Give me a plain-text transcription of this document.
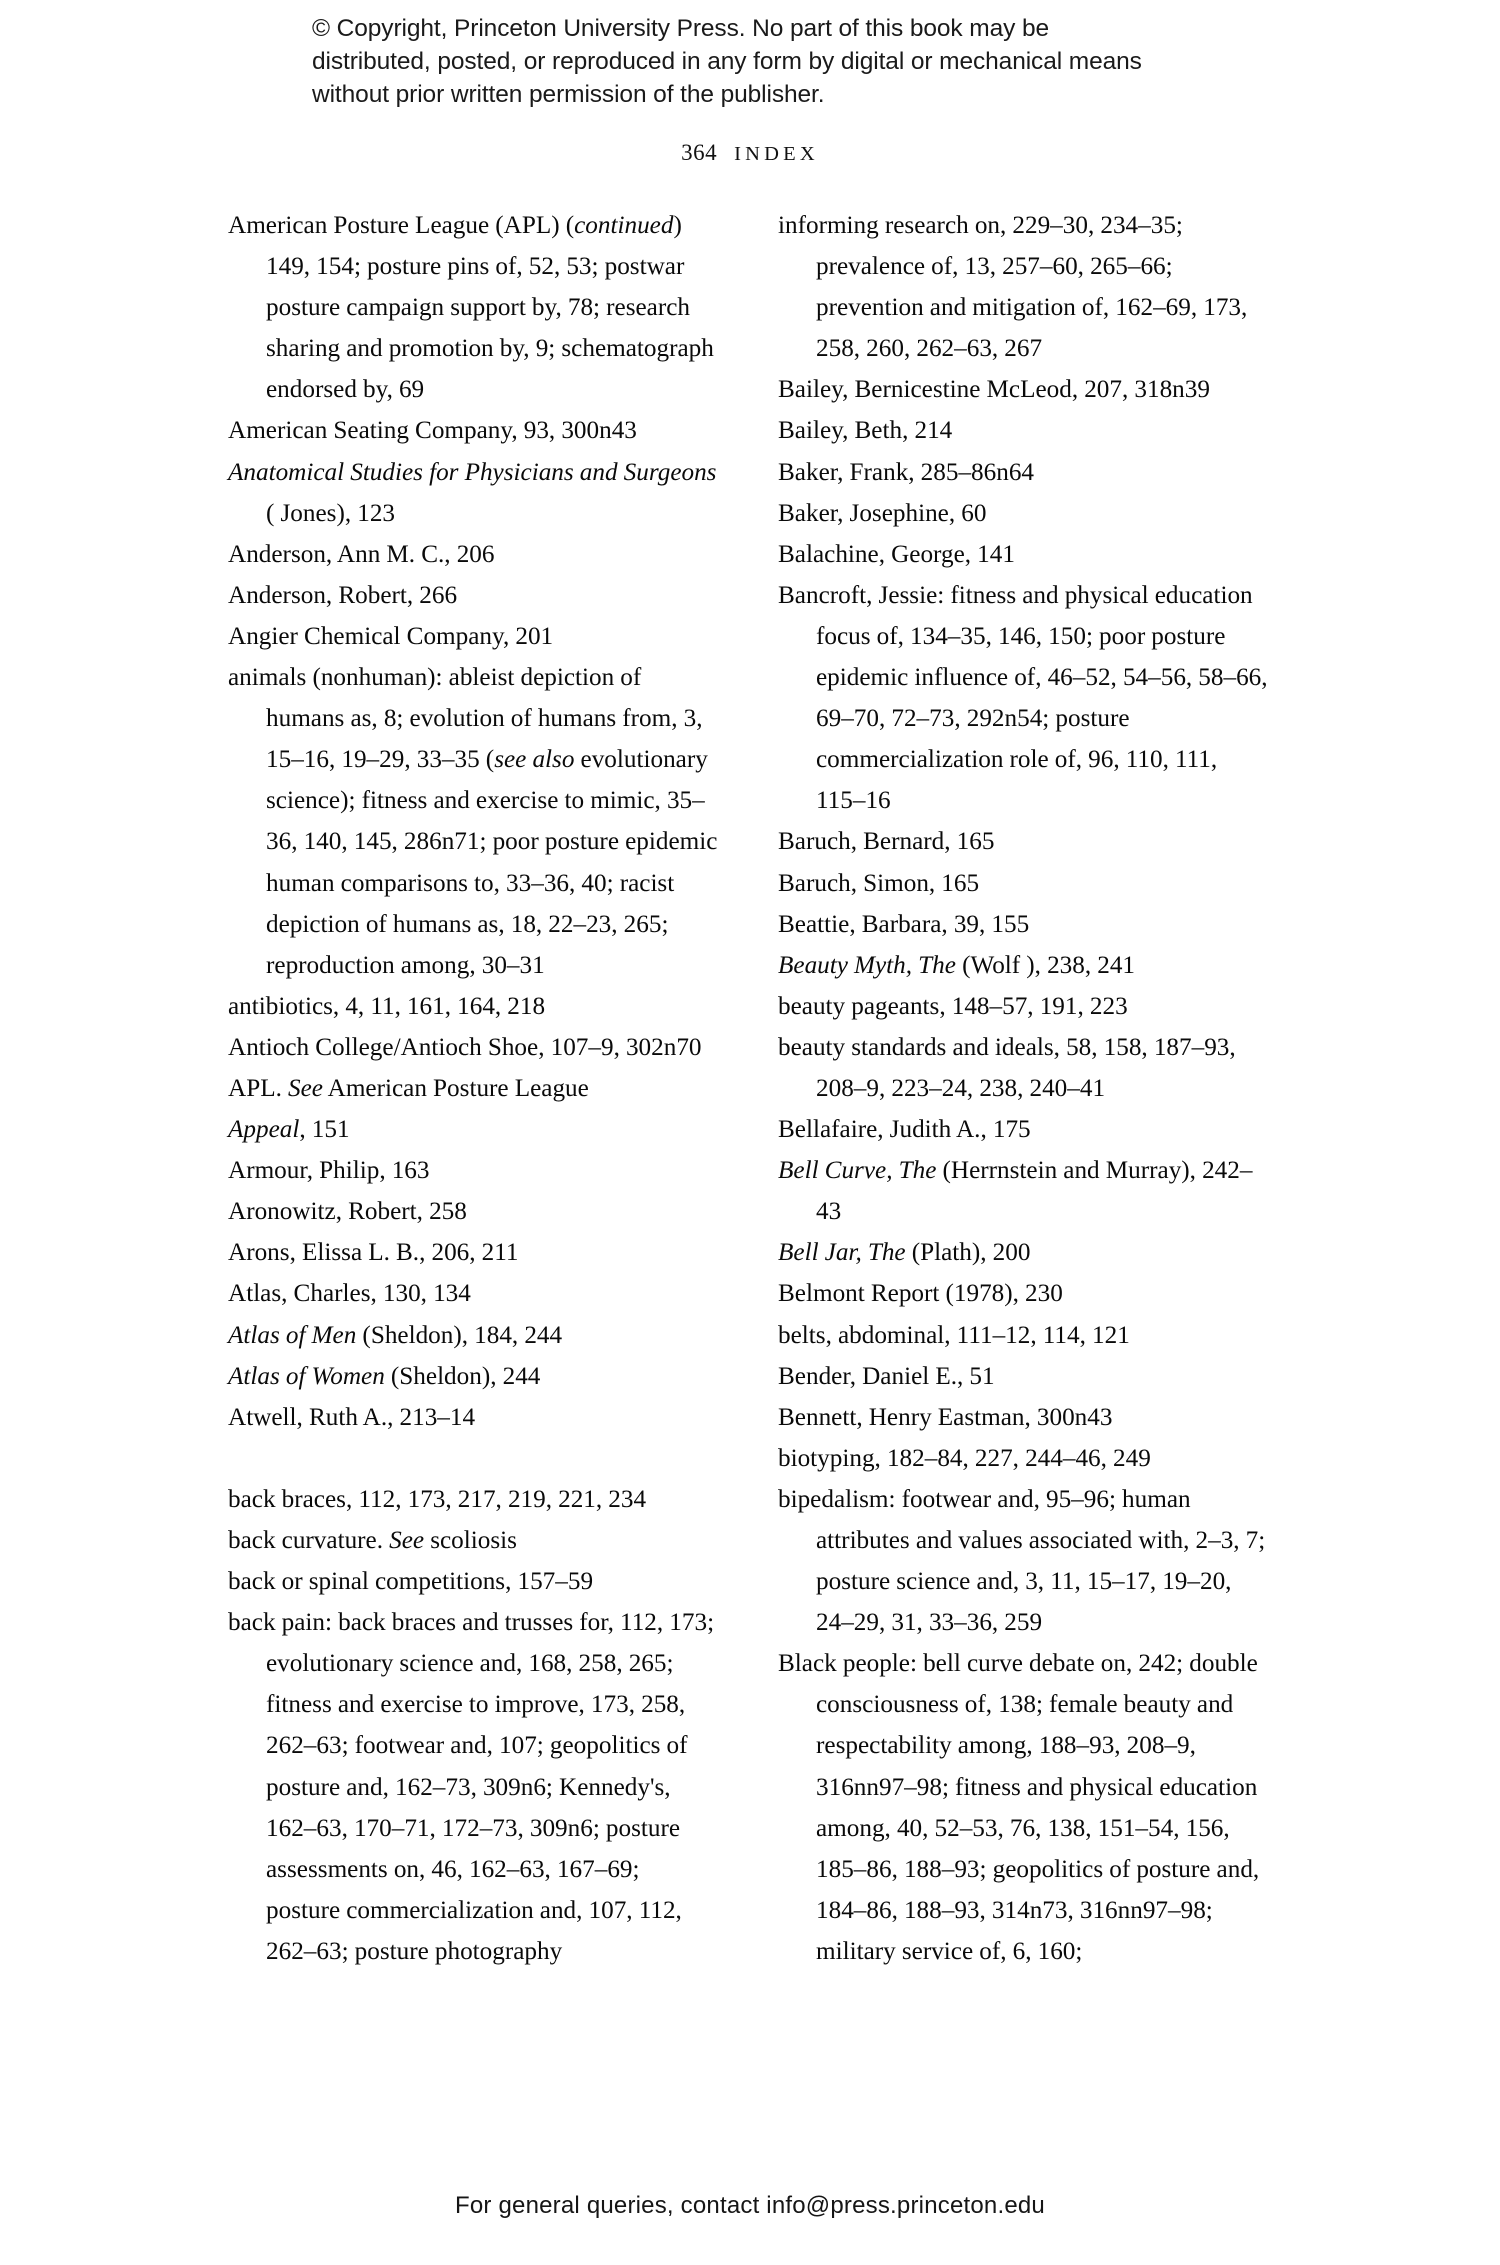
© Copyright, Princeton University Press. No part of this book may be distributed, posted, or reproduced in any form by digital or mechanical means without prior written permission of the publisher.
364 INDEX

American Posture League (APL) (continued) 149, 154; posture pins of, 52, 53; postwar posture campaign support by, 78; research sharing and promotion by, 9; schematograph endorsed by, 69

American Seating Company, 93, 300n43

Anatomical Studies for Physicians and Surgeons ( Jones), 123

Anderson, Ann M. C., 206

Anderson, Robert, 266

Angier Chemical Company, 201

animals (nonhuman): ableist depiction of humans as, 8; evolution of humans from, 3, 15–16, 19–29, 33–35 (see also evolutionary science); fitness and exercise to mimic, 35–36, 140, 145, 286n71; poor posture epidemic human comparisons to, 33–36, 40; racist depiction of humans as, 18, 22–23, 265; reproduction among, 30–31

antibiotics, 4, 11, 161, 164, 218

Antioch College/Antioch Shoe, 107–9, 302n70

APL. See American Posture League

Appeal, 151

Armour, Philip, 163

Aronowitz, Robert, 258

Arons, Elissa L. B., 206, 211

Atlas, Charles, 130, 134

Atlas of Men (Sheldon), 184, 244

Atlas of Women (Sheldon), 244

Atwell, Ruth A., 213–14

back braces, 112, 173, 217, 219, 221, 234

back curvature. See scoliosis

back or spinal competitions, 157–59

back pain: back braces and trusses for, 112, 173; evolutionary science and, 168, 258, 265; fitness and exercise to improve, 173, 258, 262–63; footwear and, 107; geopolitics of posture and, 162–73, 309n6; Kennedy's, 162–63, 170–71, 172–73, 309n6; posture assessments on, 46, 162–63, 167–69; posture commercialization and, 107, 112, 262–63; posture photography

informing research on, 229–30, 234–35; prevalence of, 13, 257–60, 265–66; prevention and mitigation of, 162–69, 173, 258, 260, 262–63, 267

Bailey, Bernicestine McLeod, 207, 318n39

Bailey, Beth, 214

Baker, Frank, 285–86n64

Baker, Josephine, 60

Balachine, George, 141

Bancroft, Jessie: fitness and physical education focus of, 134–35, 146, 150; poor posture epidemic influence of, 46–52, 54–56, 58–66, 69–70, 72–73, 292n54; posture commercialization role of, 96, 110, 111, 115–16

Baruch, Bernard, 165

Baruch, Simon, 165

Beattie, Barbara, 39, 155

Beauty Myth, The (Wolf ), 238, 241

beauty pageants, 148–57, 191, 223

beauty standards and ideals, 58, 158, 187–93, 208–9, 223–24, 238, 240–41

Bellafaire, Judith A., 175

Bell Curve, The (Herrnstein and Murray), 242–43

Bell Jar, The (Plath), 200

Belmont Report (1978), 230

belts, abdominal, 111–12, 114, 121

Bender, Daniel E., 51

Bennett, Henry Eastman, 300n43

biotyping, 182–84, 227, 244–46, 249

bipedalism: footwear and, 95–96; human attributes and values associated with, 2–3, 7; posture science and, 3, 11, 15–17, 19–20, 24–29, 31, 33–36, 259

Black people: bell curve debate on, 242; double consciousness of, 138; female beauty and respectability among, 188–93, 208–9, 316nn97–98; fitness and physical education among, 40, 52–53, 76, 138, 151–54, 156, 185–86, 188–93; geopolitics of posture and, 184–86, 188–93, 314n73, 316nn97–98; military service of, 6, 160;

For general queries, contact info@press.princeton.edu
